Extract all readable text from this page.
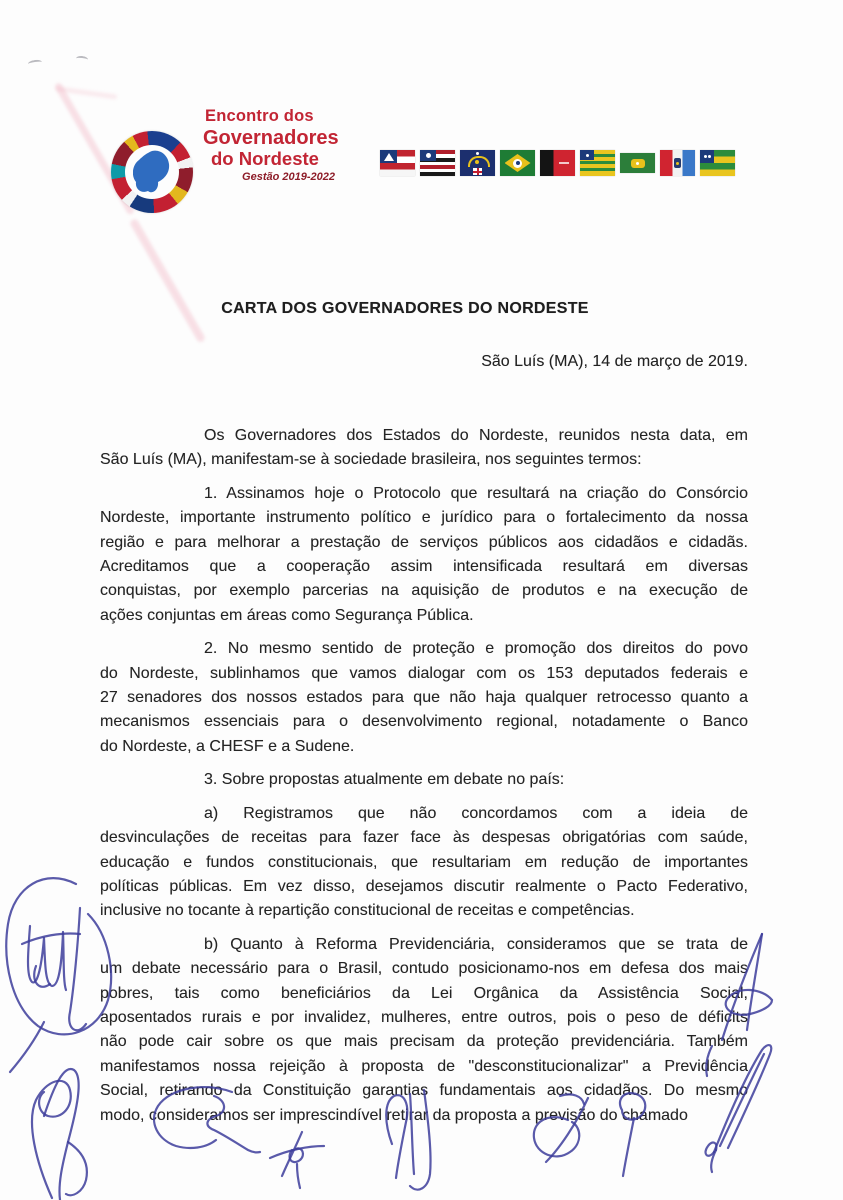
Encontro dos
Governadores
do Nordeste
Gestão 2019-2022
CARTA DOS GOVERNADORES DO NORDESTE
São Luís (MA), 14 de março de 2019.
Os Governadores dos Estados do Nordeste, reunidos nesta data, em
São Luís (MA), manifestam-se à sociedade brasileira, nos seguintes termos:
1. Assinamos hoje o Protocolo que resultará na criação do Consórcio
Nordeste, importante instrumento político e jurídico para o fortalecimento da nossa
região e para melhorar a prestação de serviços públicos aos cidadãos e cidadãs.
Acreditamos que a cooperação assim intensificada resultará em diversas
conquistas, por exemplo parcerias na aquisição de produtos e na execução de
ações conjuntas em áreas como Segurança Pública.
2. No mesmo sentido de proteção e promoção dos direitos do povo
do Nordeste, sublinhamos que vamos dialogar com os 153 deputados federais e
27 senadores dos nossos estados para que não haja qualquer retrocesso quanto a
mecanismos essenciais para o desenvolvimento regional, notadamente o Banco
do Nordeste, a CHESF e a Sudene.
3. Sobre propostas atualmente em debate no país:
a) Registramos que não concordamos com a ideia de
desvinculações de receitas para fazer face às despesas obrigatórias com saúde,
educação e fundos constitucionais, que resultariam em redução de importantes
políticas públicas. Em vez disso, desejamos discutir realmente o Pacto Federativo,
inclusive no tocante à repartição constitucional de receitas e competências.
b) Quanto à Reforma Previdenciária, consideramos que se trata de
um debate necessário para o Brasil, contudo posicionamo-nos em defesa dos mais
pobres, tais como beneficiários da Lei Orgânica da Assistência Social,
aposentados rurais e por invalidez, mulheres, entre outros, pois o peso de déficits
não pode cair sobre os que mais precisam da proteção previdenciária. Também
manifestamos nossa rejeição à proposta de "desconstitucionalizar" a Previdência
Social, retirando da Constituição garantias fundamentais aos cidadãos. Do mesmo
modo, consideramos ser imprescindível retirar da proposta a previsão do chamado
